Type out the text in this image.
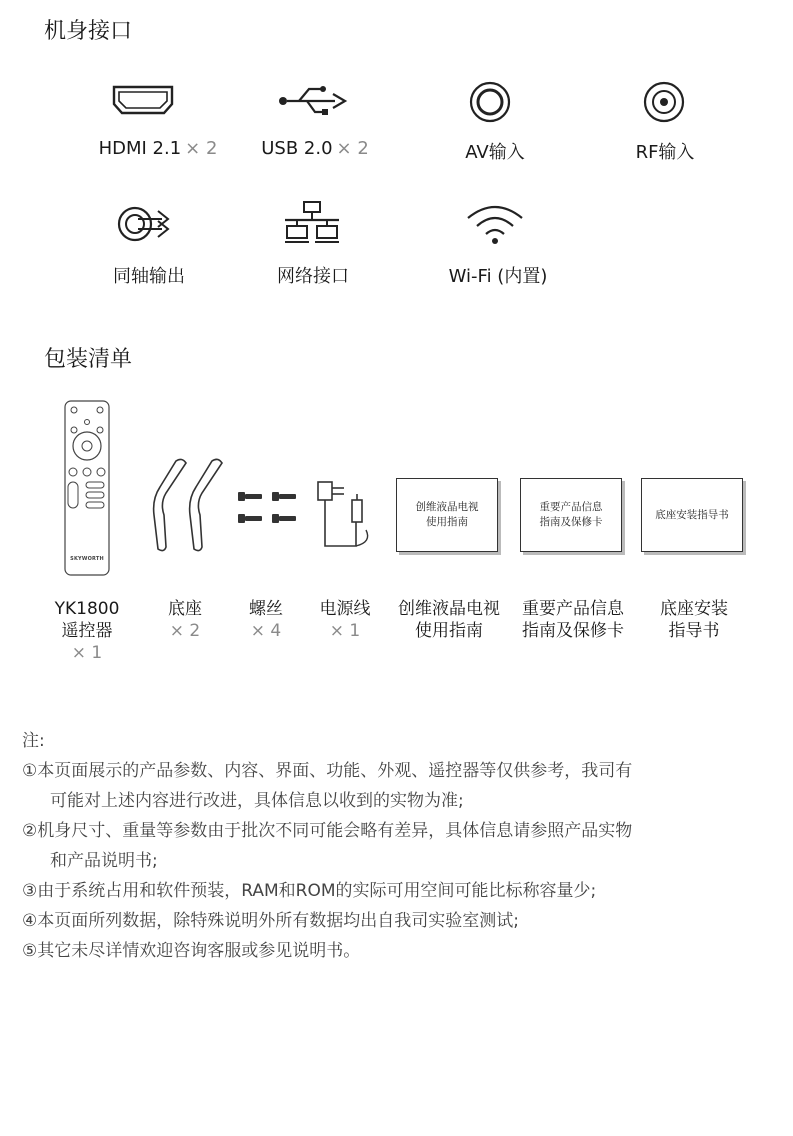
机身接口
HDMI 2.1 × 2	USB 2.0 × 2	AV输入	RF输入
同轴输出	网络接口	Wi-Fi (内置)
包装清单
SKYWORTH
创维液晶电视
使用指南
重要产品信息
指南及保修卡
底座安装指导书
YK1800
遥控器
× 1
底座
× 2
螺丝
× 4
电源线
× 1
创维液晶电视
使用指南
重要产品信息
指南及保修卡
底座安装
指导书
注:
①本页面展示的产品参数、内容、界面、功能、外观、遥控器等仅供参考，我司有
可能对上述内容进行改进，具体信息以收到的实物为准;
②机身尺寸、重量等参数由于批次不同可能会略有差异，具体信息请参照产品实物
和产品说明书;
③由于系统占用和软件预装，RAM和ROM的实际可用空间可能比标称容量少;
④本页面所列数据，除特殊说明外所有数据均出自我司实验室测试;
⑤其它未尽详情欢迎咨询客服或参见说明书。
